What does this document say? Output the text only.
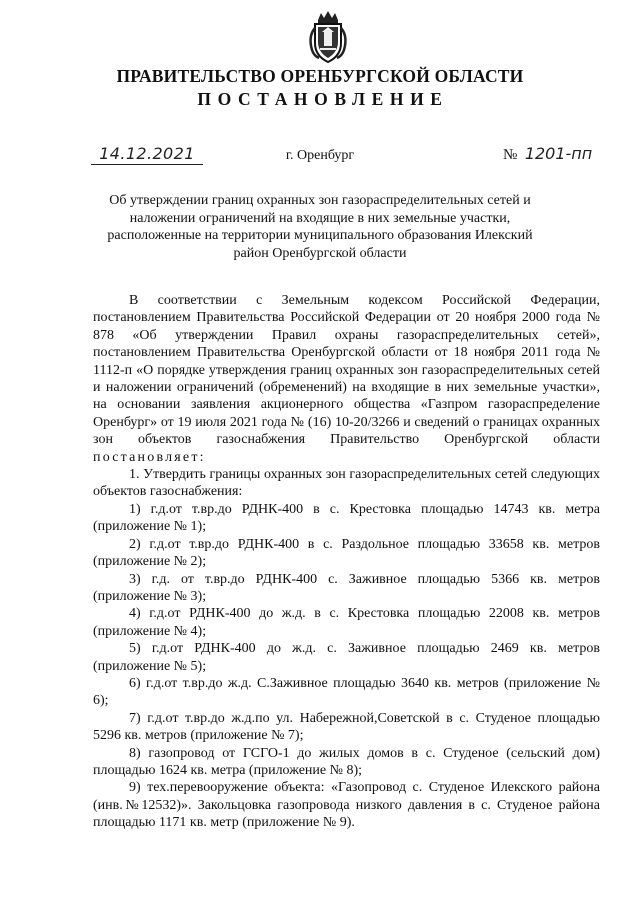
ПРАВИТЕЛЬСТВО ОРЕНБУРГСКОЙ ОБЛАСТИ
ПОСТАНОВЛЕНИЕ
14.12.2021	г. Оренбург	№ 1201-пп
Об утверждении границ охранных зон газораспределительных сетей и наложении ограничений на входящие в них земельные участки, расположенные на территории муниципального образования Илекский район Оренбургской области

В соответствии с Земельным кодексом Российской Федерации, постановлением Правительства Российской Федерации от 20 ноября 2000 года № 878 «Об утверждении Правил охраны газораспределительных сетей», постановлением Правительства Оренбургской области от 18 ноября 2011 года № 1112-п «О порядке утверждения границ охранных зон газораспределительных сетей и наложении ограничений (обременений) на входящие в них земельные участки», на основании заявления акционерного общества «Газпром газораспределение Оренбург» от 19 июля 2021 года № (16) 10-20/3266 и сведений о границах охранных зон объектов газоснабжения Правительство Оренбургской области постановляет:

1. Утвердить границы охранных зон газораспределительных сетей следующих объектов газоснабжения:

1) г.д.от т.вр.до РДНК-400 в с. Крестовка площадью 14743 кв. метра (приложение № 1);

2) г.д.от т.вр.до РДНК-400 в с. Раздольное площадью 33658 кв. метров (приложение № 2);

3) г.д. от т.вр.до РДНК-400 с. Заживное площадью 5366 кв. метров (приложение № 3);

4) г.д.от РДНК-400 до ж.д. в с. Крестовка площадью 22008 кв. метров (приложение № 4);

5) г.д.от РДНК-400 до ж.д. с. Заживное площадью 2469 кв. метров (приложение № 5);

6) г.д.от т.вр.до ж.д. С.Заживное площадью 3640 кв. метров (приложение № 6);

7) г.д.от т.вр.до ж.д.по ул. Набережной,Советской в с. Студеное площадью 5296 кв. метров (приложение № 7);

8) газопровод от ГСГО-1 до жилых домов в с. Студеное (сельский дом) площадью 1624 кв. метра (приложение № 8);

9) тех.перевооружение объекта: «Газопровод с. Студеное Илекского района (инв.№12532)». Закольцовка газопровода низкого давления в с. Студеное района площадью 1171 кв. метр (приложение № 9).
